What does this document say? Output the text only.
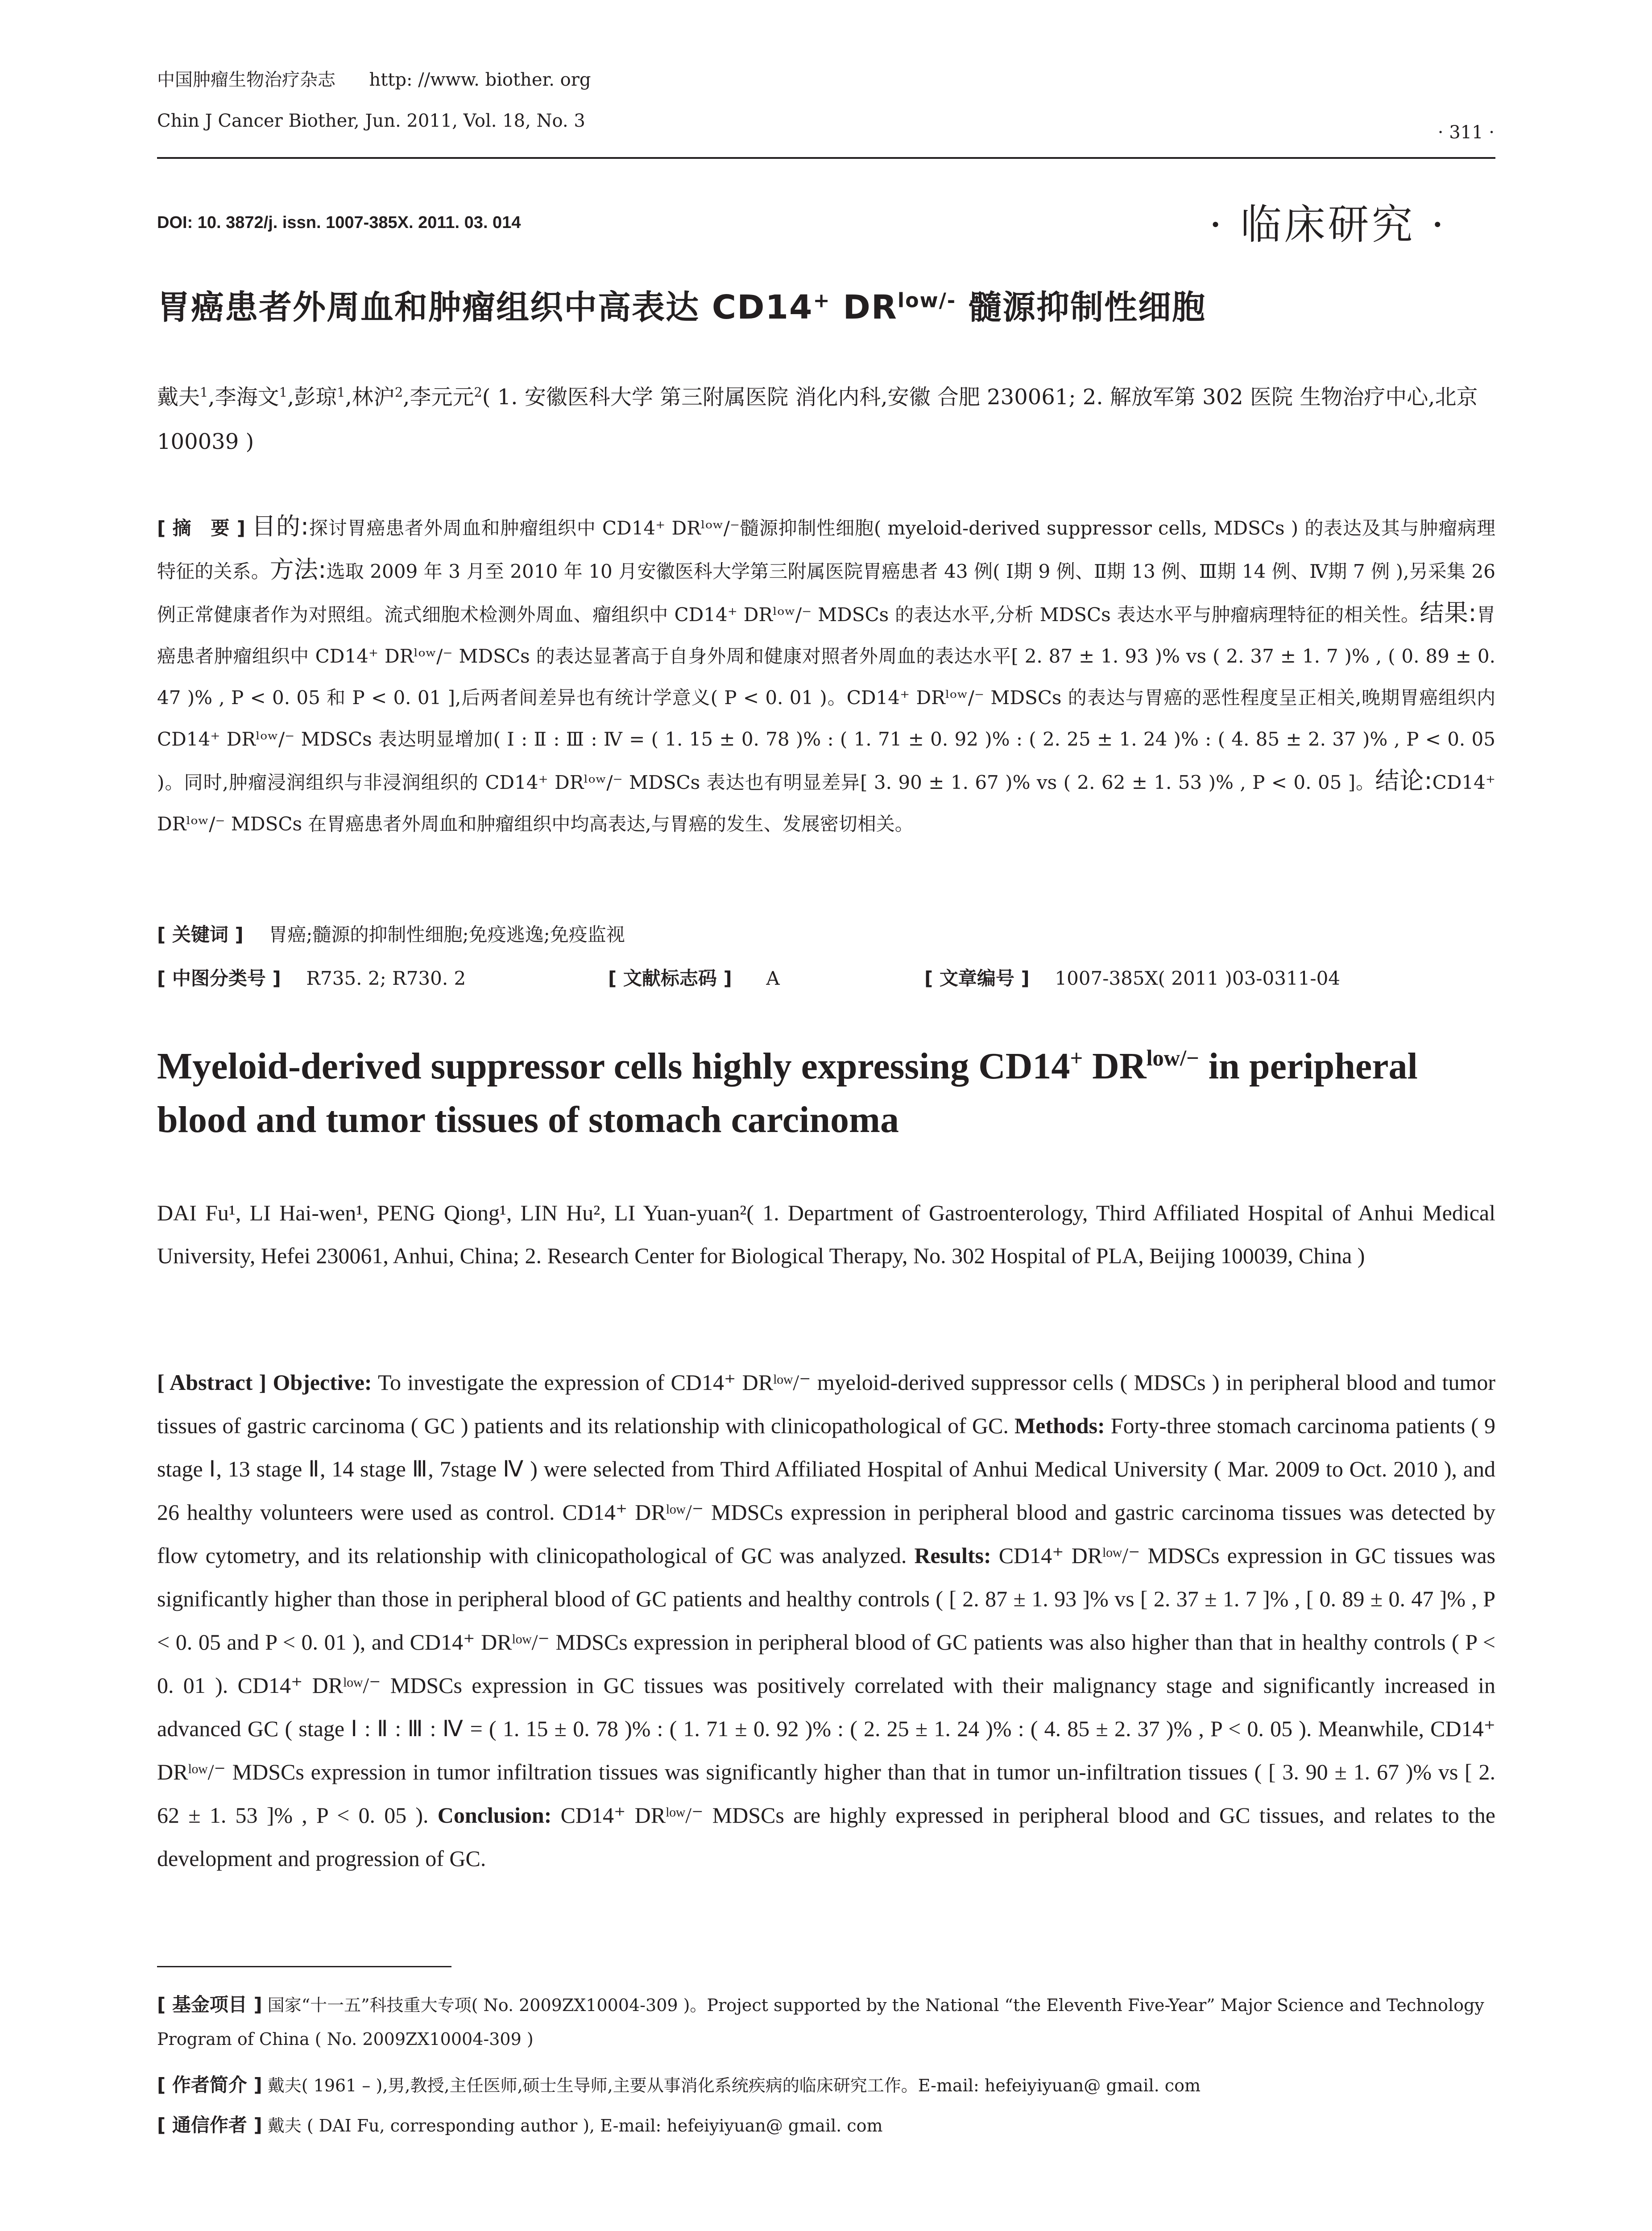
中国肿瘤生物治疗杂志 http: //www. biother. org
Chin J Cancer Biother, Jun. 2011, Vol. 18, No. 3
· 311 ·
DOI: 10. 3872/j. issn. 1007-385X. 2011. 03. 014	· 临床研究 ·
胃癌患者外周血和肿瘤组织中高表达 CD14+ $DR^{low/-}$ 髓源抑制性细胞
戴夫$^1$,李海文$^1$,彭琼$^1$,林沪$^2$,李元元$^2$( 1. 安徽医科大学 第三附属医院 消化内科,安徽 合肥 230061; 2. 解放军第 302 医院 生物治疗中心,北京 100039 )
[ 摘　要 ] 目的:探讨胃癌患者外周血和肿瘤组织中 CD14⁺ DRˡᵒʷ/⁻髓源抑制性细胞( myeloid-derived suppressor cells, MDSCs ) 的表达及其与肿瘤病理特征的关系。方法:选取 2009 年 3 月至 2010 年 10 月安徽医科大学第三附属医院胃癌患者 43 例( Ⅰ期 9 例、Ⅱ期 13 例、Ⅲ期 14 例、Ⅳ期 7 例 ),另采集 26 例正常健康者作为对照组。流式细胞术检测外周血、瘤组织中 CD14⁺ DRˡᵒʷ/⁻ MDSCs 的表达水平,分析 MDSCs 表达水平与肿瘤病理特征的相关性。结果:胃癌患者肿瘤组织中 CD14⁺ DRˡᵒʷ/⁻ MDSCs 的表达显著高于自身外周和健康对照者外周血的表达水平[ 2. 87 ± 1. 93 )% vs ( 2. 37 ± 1. 7 )% , ( 0. 89 ± 0. 47 )% , P < 0. 05 和 P < 0. 01 ],后两者间差异也有统计学意义( P < 0. 01 )。CD14⁺ DRˡᵒʷ/⁻ MDSCs 的表达与胃癌的恶性程度呈正相关,晚期胃癌组织内 CD14⁺ DRˡᵒʷ/⁻ MDSCs 表达明显增加( Ⅰ : Ⅱ : Ⅲ : Ⅳ = ( 1. 15 ± 0. 78 )% : ( 1. 71 ± 0. 92 )% : ( 2. 25 ± 1. 24 )% : ( 4. 85 ± 2. 37 )% , P < 0. 05 )。同时,肿瘤浸润组织与非浸润组织的 CD14⁺ DRˡᵒʷ/⁻ MDSCs 表达也有明显差异[ 3. 90 ± 1. 67 )% vs ( 2. 62 ± 1. 53 )% , P < 0. 05 ]。结论:CD14⁺ DRˡᵒʷ/⁻ MDSCs 在胃癌患者外周血和肿瘤组织中均高表达,与胃癌的发生、发展密切相关。
[ 关键词 ] 胃癌;髓源的抑制性细胞;免疫逃逸;免疫监视
[ 中图分类号 ] R735. 2; R730. 2	[ 文献标志码 ] A	[ 文章编号 ] 1007-385X( 2011 )03-0311-04
Myeloid-derived suppressor cells highly expressing CD14+ $DR^{low/-}$ in peripheral blood and tumor tissues of stomach carcinoma
DAI Fu¹, LI Hai-wen¹, PENG Qiong¹, LIN Hu², LI Yuan-yuan²( 1. Department of Gastroenterology, Third Affiliated Hospital of Anhui Medical University, Hefei 230061, Anhui, China; 2. Research Center for Biological Therapy, No. 302 Hospital of PLA, Beijing 100039, China )
[ Abstract ] Objective: To investigate the expression of CD14⁺ DRˡᵒʷ/⁻ myeloid-derived suppressor cells ( MDSCs ) in peripheral blood and tumor tissues of gastric carcinoma ( GC ) patients and its relationship with clinicopathological of GC. Methods: Forty-three stomach carcinoma patients ( 9 stage Ⅰ, 13 stage Ⅱ, 14 stage Ⅲ, 7stage Ⅳ ) were selected from Third Affiliated Hospital of Anhui Medical University ( Mar. 2009 to Oct. 2010 ), and 26 healthy volunteers were used as control. CD14⁺ DRˡᵒʷ/⁻ MDSCs expression in peripheral blood and gastric carcinoma tissues was detected by flow cytometry, and its relationship with clinicopathological of GC was analyzed. Results: CD14⁺ DRˡᵒʷ/⁻ MDSCs expression in GC tissues was significantly higher than those in peripheral blood of GC patients and healthy controls ( [ 2. 87 ± 1. 93 ]% vs [ 2. 37 ± 1. 7 ]% , [ 0. 89 ± 0. 47 ]% , P < 0. 05 and P < 0. 01 ), and CD14⁺ DRˡᵒʷ/⁻ MDSCs expression in peripheral blood of GC patients was also higher than that in healthy controls ( P < 0. 01 ). CD14⁺ DRˡᵒʷ/⁻ MDSCs expression in GC tissues was positively correlated with their malignancy stage and significantly increased in advanced GC ( stage Ⅰ : Ⅱ : Ⅲ : Ⅳ = ( 1. 15 ± 0. 78 )% : ( 1. 71 ± 0. 92 )% : ( 2. 25 ± 1. 24 )% : ( 4. 85 ± 2. 37 )% , P < 0. 05 ). Meanwhile, CD14⁺ DRˡᵒʷ/⁻ MDSCs expression in tumor infiltration tissues was significantly higher than that in tumor un-infiltration tissues ( [ 3. 90 ± 1. 67 )% vs [ 2. 62 ± 1. 53 ]% , P < 0. 05 ). Conclusion: CD14⁺ DRˡᵒʷ/⁻ MDSCs are highly expressed in peripheral blood and GC tissues, and relates to the development and progression of GC.
[ 基金项目 ] 国家“十一五”科技重大专项( No. 2009ZX10004-309 )。Project supported by the National “the Eleventh Five-Year” Major Science and Technology Program of China ( No. 2009ZX10004-309 )
[ 作者简介 ] 戴夫( 1961 – ),男,教授,主任医师,硕士生导师,主要从事消化系统疾病的临床研究工作。E-mail: hefeiyiyuan@ gmail. com
[ 通信作者 ] 戴夫 ( DAI Fu, corresponding author ), E-mail: hefeiyiyuan@ gmail. com
